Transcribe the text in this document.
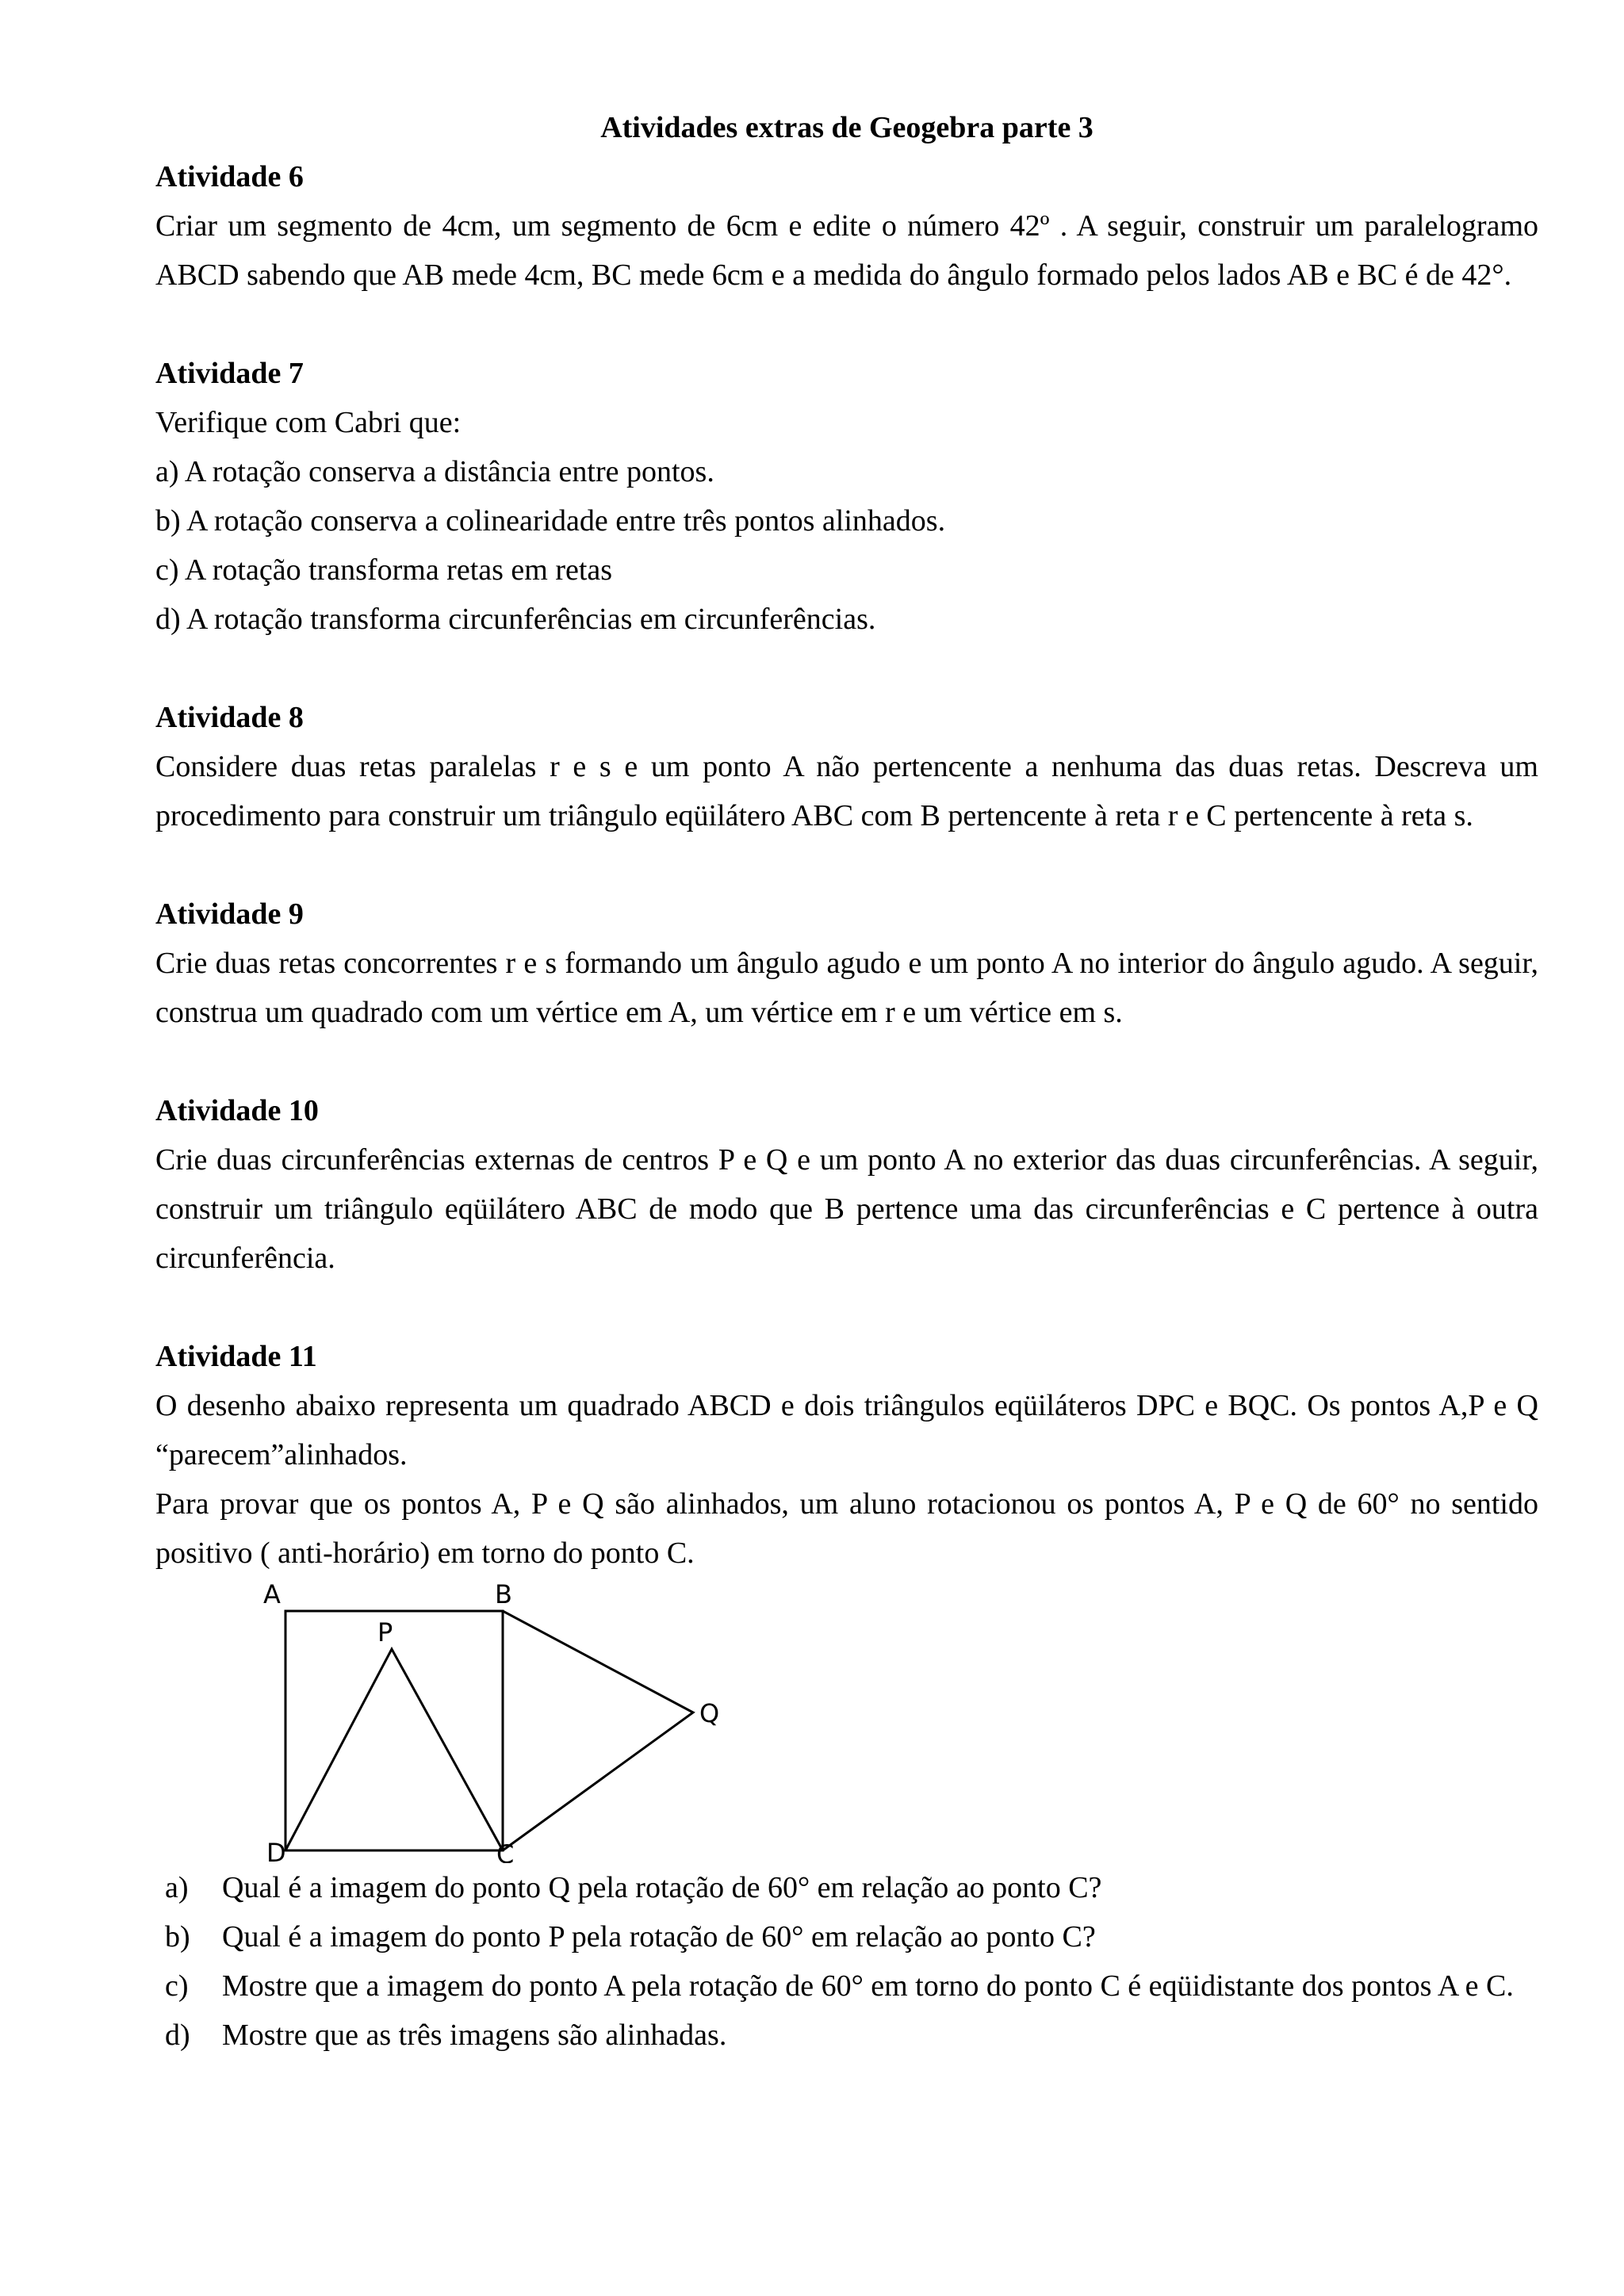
Atividades extras de Geogebra parte 3

Atividade 6

Criar um segmento de 4cm, um segmento de 6cm e edite o número 42º . A seguir, construir um paralelogramo ABCD sabendo que AB mede 4cm, BC mede 6cm e a medida do ângulo formado pelos lados AB e BC é de 42°.

Atividade 7

Verifique com Cabri que:

a) A rotação conserva a distância entre pontos.

b) A rotação conserva a colinearidade entre três pontos alinhados.

c) A rotação transforma retas em retas

d) A rotação transforma circunferências em circunferências.

Atividade 8

Considere duas retas paralelas r e s e um ponto A não pertencente a nenhuma das duas retas. Descreva um procedimento para construir um triângulo eqüilátero ABC com B pertencente à reta r e C pertencente à reta s.

Atividade 9

Crie duas retas concorrentes r e s formando um ângulo agudo e um ponto A no interior do ângulo agudo. A seguir, construa um quadrado com um vértice em A, um vértice em r e um vértice em s.

Atividade 10

Crie duas circunferências externas de centros P e Q e um ponto A no exterior das duas circunferências. A seguir, construir um triângulo eqüilátero ABC de modo que B pertence uma das circunferências e C pertence à outra circunferência.

Atividade 11

O desenho abaixo representa um quadrado ABCD e dois triângulos eqüiláteros DPC e BQC. Os pontos A,P e Q “parecem”alinhados.

Para provar que os pontos A, P e Q são alinhados, um aluno rotacionou os pontos A, P e Q de 60° no sentido positivo ( anti-horário) em torno do ponto C.

A	B
P
Q
D	C
a) Qual é a imagem do ponto Q pela rotação de 60° em relação ao ponto C?
b) Qual é a imagem do ponto P pela rotação de 60° em relação ao ponto C?
c) Mostre que a imagem do ponto A pela rotação de 60° em torno do ponto C é eqüidistante dos pontos A e C.
d) Mostre que as três imagens são alinhadas.
